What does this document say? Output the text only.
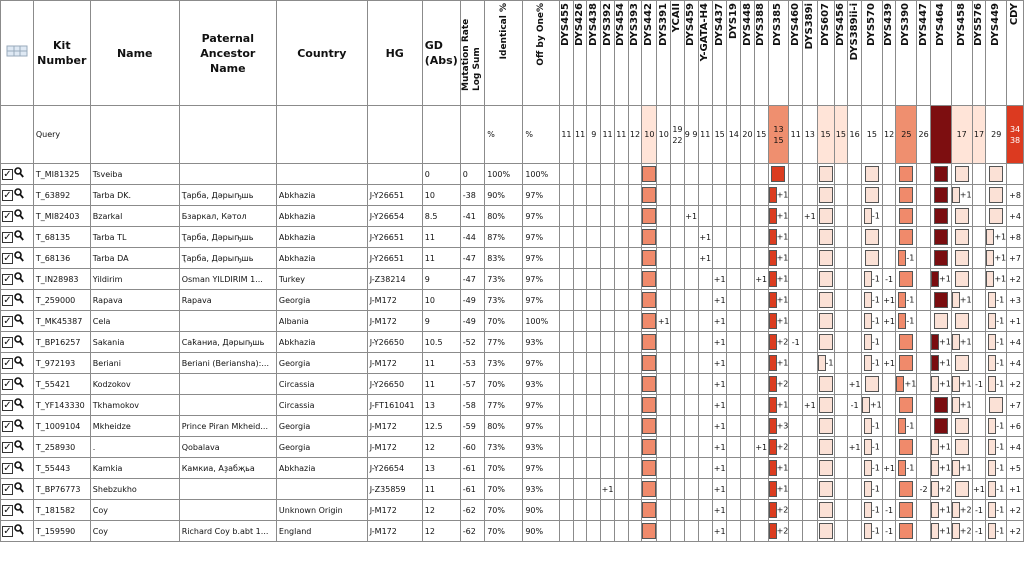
	Kit Number	Name	Paternal Ancestor Name	Country	HG	GD (Abs)	Mutation Rate Log Sum	Identical %	Off by One%	DYS455	DYS426	DYS438	DYS392	DYS454	DYS393	DYS442	DYS391	YCAII	DYS459	Y-GATA-H4	DYS437	DYS19	DYS448	DYS388	DYS385	DYS460	DYS389i	DYS607	DYS456	DYS389ii-i	DYS570	DYS439	DYS390	DYS447	DYS464	DYS458	DYS576	DYS449	CDY

	Query							%	%	11	11	9	11	11	12	10	10	19 22	9 9	11	15	14	20	15	13 15	11	13	15	15	16	15	12	25	26		17	17	29	34 38
✓	T_MI81325	Tsveiba				0	0	100%	100%																														
✓	T_63892	Tarba DK.	Ҭарба, Дәрыҧшь	Abkhazia	J-Y26651	10	-38	90%	97%																+1											+1			+8
✓	T_MI82403	Bzarkal	Бзаркал, Кәтол	Abkhazia	J-Y26654	8.5	-41	80%	97%										+1						+1		+1				-1								+4
✓	T_68135	Tarba TL	Ҭарба, Дәрыҧшь	Abkhazia	J-Y26651	11	-44	87%	97%											+1					+1													+1	+8
✓	T_68136	Tarba DA	Ҭарба, Дәрыҧшь	Abkhazia	J-Y26651	11	-47	83%	97%											+1					+1								-1					+1	+7
✓	T_IN28983	Yildirim	Osman YILDIRIM 1...	Turkey	J-Z38214	9	-47	73%	97%												+1			+1	+1						-1	-1			+1			+1	+2
✓	T_259000	Rapava	Rapava	Georgia	J-M172	10	-49	73%	97%												+1				+1						-1	+1	-1			+1		-1	+3
✓	T_MK45387	Cela		Albania	J-M172	9	-49	70%	100%								+1				+1				+1						-1	+1	-1					-1	+1
✓	T_BP16257	Sakania	Саҟаниа, Дәрыҧшь	Abkhazia	J-Y26650	10.5	-52	77%	93%												+1				+2	-1					-1				+1	+1		-1	+4
✓	T_972193	Beriani	Beriani (Beriansha):...	Georgia	J-M172	11	-53	73%	97%												+1				+1			-1			-1	+1			+1			-1	+4
✓	T_55421	Kodzokov		Circassia	J-Y26650	11	-57	70%	93%												+1				+2					+1			+1		+1	+1	-1	-1	+2
✓	T_YF143330	Tkhamokov		Circassia	J-FT161041	13	-58	77%	97%												+1				+1		+1			-1	+1					+1			+7
✓	T_1009104	Mkheidze	Prince Piran Mkheid...	Georgia	J-M172	12.5	-59	80%	97%												+1				+3						-1		-1					-1	+6
✓	T_258930	.	Qobalava	Georgia	J-M172	12	-60	73%	93%												+1			+1	+2					+1	-1				+1			-1	+4
✓	T_55443	Kamkia	Камкиа, Аҙабҗьа	Abkhazia	J-Y26654	13	-61	70%	97%												+1				+1						-1	+1	-1		+1	+1		-1	+5
✓	T_BP76773	Shebzukho			J-Z35859	11	-61	70%	93%				+1								+1				+1						-1			-2	+2		+1	-1	+1
✓	T_181582	Coy		Unknown Origin	J-M172	12	-62	70%	90%												+1				+2						-1	-1			+1	+2	-1	-1	+2
✓	T_159590	Coy	Richard Coy b.abt 1...	England	J-M172	12	-62	70%	90%												+1				+2						-1	-1			+1	+2	-1	-1	+2
